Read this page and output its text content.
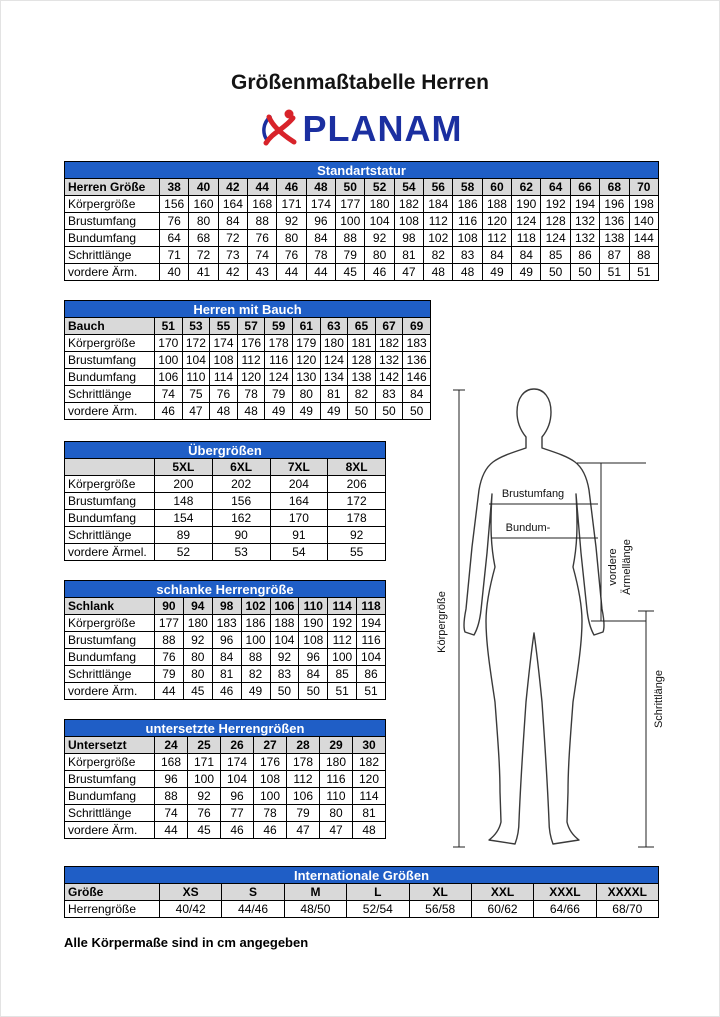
Größenmaßtabelle Herren
PLANAM
Standartstatur																	
Herren Größe	38	40	42	44	46	48	50	52	54	56	58	60	62	64	66	68	70
Körpergröße	156	160	164	168	171	174	177	180	182	184	186	188	190	192	194	196	198
Brustumfang	76	80	84	88	92	96	100	104	108	112	116	120	124	128	132	136	140
Bundumfang	64	68	72	76	80	84	88	92	98	102	108	112	118	124	132	138	144
Schrittlänge	71	72	73	74	76	78	79	80	81	82	83	84	84	85	86	87	88
vordere Ärm.	40	41	42	43	44	44	45	46	47	48	48	49	49	50	50	51	51
Herren mit Bauch										
Bauch	51	53	55	57	59	61	63	65	67	69
Körpergröße	170	172	174	176	178	179	180	181	182	183
Brustumfang	100	104	108	112	116	120	124	128	132	136
Bundumfang	106	110	114	120	124	130	134	138	142	146
Schrittlänge	74	75	76	78	79	80	81	82	83	84
vordere Ärm.	46	47	48	48	49	49	49	50	50	50
Übergrößen				
	5XL	6XL	7XL	8XL
Körpergröße	200	202	204	206
Brustumfang	148	156	164	172
Bundumfang	154	162	170	178
Schrittlänge	89	90	91	92
vordere Ärmel.	52	53	54	55
schlanke Herrengröße								
Schlank	90	94	98	102	106	110	114	118
Körpergröße	177	180	183	186	188	190	192	194
Brustumfang	88	92	96	100	104	108	112	116
Bundumfang	76	80	84	88	92	96	100	104
Schrittlänge	79	80	81	82	83	84	85	86
vordere Ärm.	44	45	46	49	50	50	51	51
untersetzte Herrengrößen							
Untersetzt	24	25	26	27	28	29	30
Körpergröße	168	171	174	176	178	180	182
Brustumfang	96	100	104	108	112	116	120
Bundumfang	88	92	96	100	106	110	114
Schrittlänge	74	76	77	78	79	80	81
vordere Ärm.	44	45	46	46	47	47	48
Internationale Größen								
Größe	XS	S	M	L	XL	XXL	XXXL	XXXXL
Herrengröße	40/42	44/46	48/50	52/54	56/58	60/62	64/66	68/70
Körpergröße
Brustumfang
Bundum-
vordere Ärmellänge
Schrittlänge
Alle Körpermaße sind in cm angegeben
